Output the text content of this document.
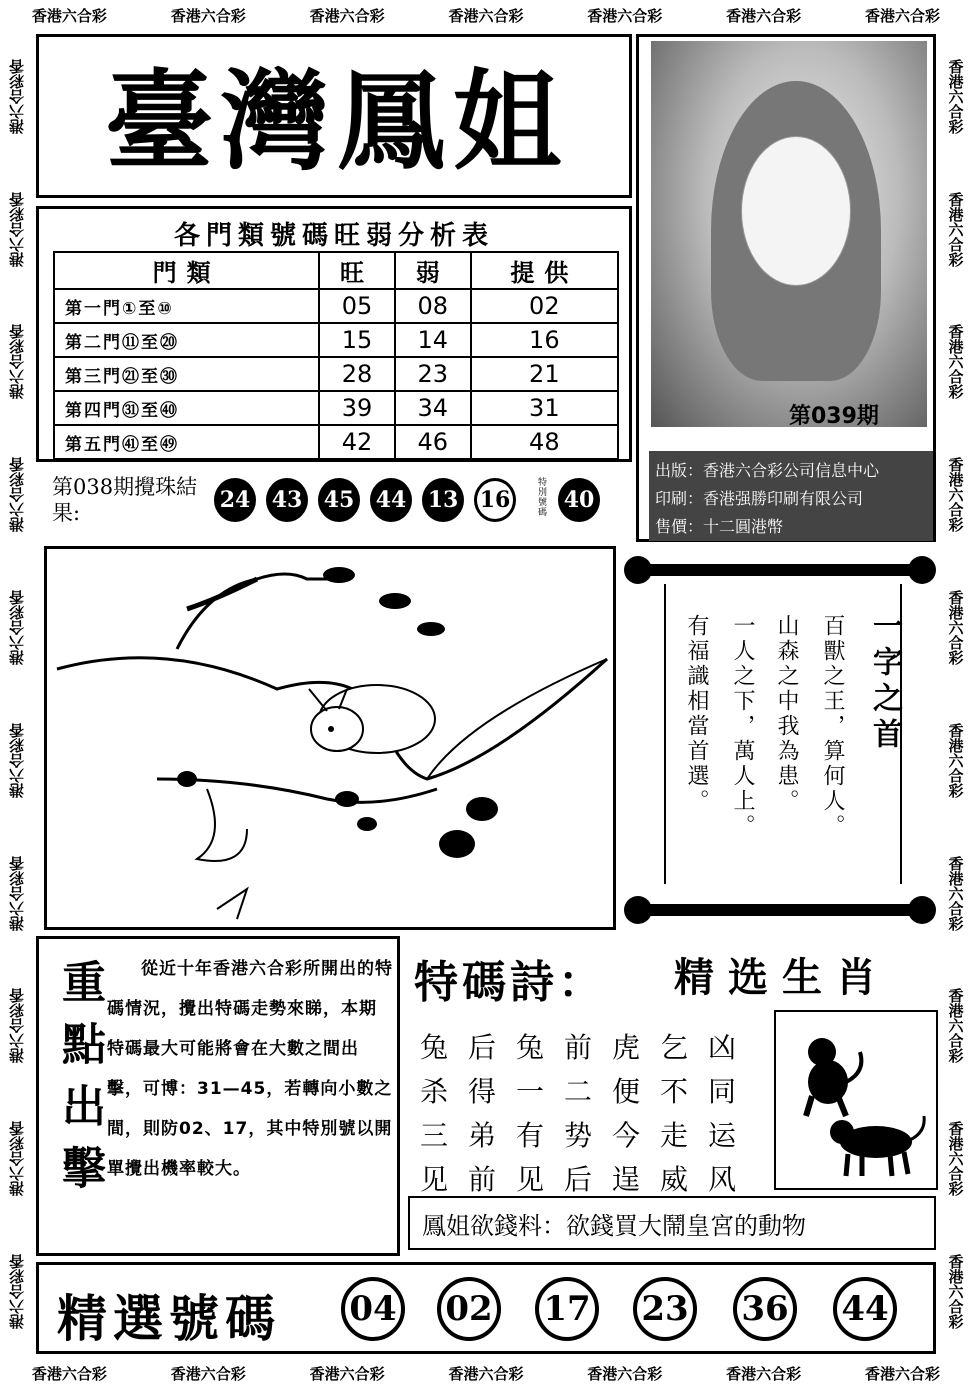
香港六合彩	香港六合彩	香港六合彩	香港六合彩	香港六合彩	香港六合彩	香港六合彩
香港六合彩	香港六合彩	香港六合彩	香港六合彩	香港六合彩	香港六合彩	香港六合彩
港六合彩香
港六合彩香
港六合彩香
港六合彩香
港六合彩香
港六合彩香
港六合彩香
港六合彩香
港六合彩香
港六合彩香
香港六合彩
香港六合彩
香港六合彩
香港六合彩
香港六合彩
香港六合彩
香港六合彩
香港六合彩
香港六合彩
香港六合彩
臺灣鳳姐
第039期
出版：香港六合彩公司信息中心
印刷：香港强勝印刷有限公司
售價：十二圓港幣
各門類號碼旺弱分析表
門類	旺	弱	提供
第一門①至⑩	05	08	02
第二門⑪至⑳	15	14	16
第三門㉑至㉚	28	23	21
第四門㉛至㊵	39	34	31
第五門㊶至㊾	42	46	48
第038期攪珠結果:	24 43 45 44 13 16
特別號碼 40
一字之首
百獸之王，算何人。
山森之中我為患。
一人之下，萬人上。
有福識相當首選。
重點出擊	從近十年香港六合彩所開出的特碼情況，攪出特碼走勢來睇，本期特碼最大可能將會在大數之間出擊，可博：31—45，若轉向小數之間，則防02、17，其中特別號以開單攪出機率較大。
特碼詩： 精选生肖
兔 后 兔 前 虎 乞 凶
杀 得 一 二 便 不 同
三 弟 有 势 今 走 运
见 前 见 后 逞 威 风
鳳姐欲錢料：欲錢買大鬧皇宮的動物
精選號碼 04 02 17 23 36 44
